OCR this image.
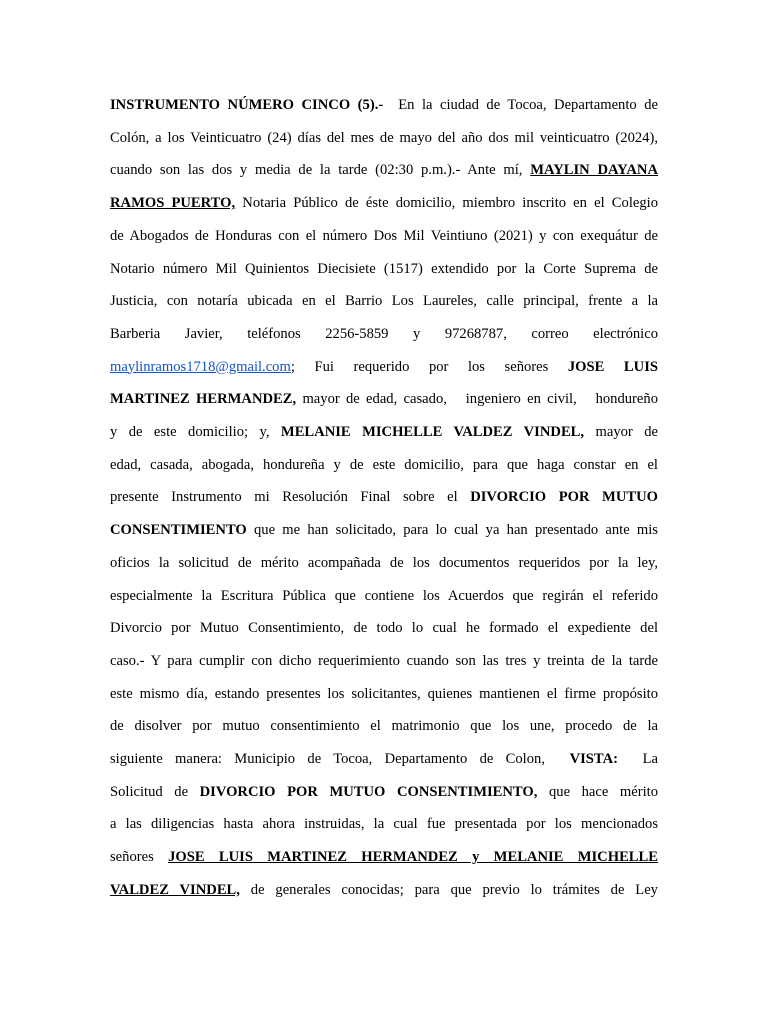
INSTRUMENTO NÚMERO CINCO (5).-  En la ciudad de Tocoa, Departamento de
Colón, a los Veinticuatro (24) días del mes de mayo del año dos mil veinticuatro (2024),
cuando son las dos y media de la tarde (02:30 p.m.).- Ante mí, MAYLIN DAYANA
RAMOS PUERTO, Notaria Público de éste domicilio, miembro inscrito en el Colegio
de Abogados de Honduras con el número Dos Mil Veintiuno (2021) y con exequátur de
Notario número Mil Quinientos Diecisiete (1517) extendido por la Corte Suprema de
Justicia, con notaría ubicada en el Barrio Los Laureles, calle principal, frente a la
Barberia Javier, teléfonos 2256-5859 y 97268787, correo electrónico
maylinramos1718@gmail.com; Fui requerido por los señores JOSE LUIS
MARTINEZ HERMANDEZ, mayor de edad, casado,   ingeniero en civil,   hondureño
y de este domicilio; y, MELANIE MICHELLE VALDEZ VINDEL, mayor de
edad, casada, abogada, hondureña y de este domicilio, para que haga constar en el
presente Instrumento mi Resolución Final sobre el DIVORCIO POR MUTUO
CONSENTIMIENTO que me han solicitado, para lo cual ya han presentado ante mis
oficios la solicitud de mérito acompañada de los documentos requeridos por la ley,
especialmente la Escritura Pública que contiene los Acuerdos que regirán el referido
Divorcio por Mutuo Consentimiento, de todo lo cual he formado el expediente del
caso.- Y para cumplir con dicho requerimiento cuando son las tres y treinta de la tarde
este mismo día, estando presentes los solicitantes, quienes mantienen el firme propósito
de disolver por mutuo consentimiento el matrimonio que los une, procedo de la
siguiente manera: Municipio de Tocoa, Departamento de Colon,  VISTA:  La
Solicitud de DIVORCIO POR MUTUO CONSENTIMIENTO, que hace mérito
a las diligencias hasta ahora instruidas, la cual fue presentada por los mencionados
señores JOSE LUIS MARTINEZ HERMANDEZ y MELANIE MICHELLE
VALDEZ VINDEL, de generales conocidas; para que previo lo trámites de Ley
